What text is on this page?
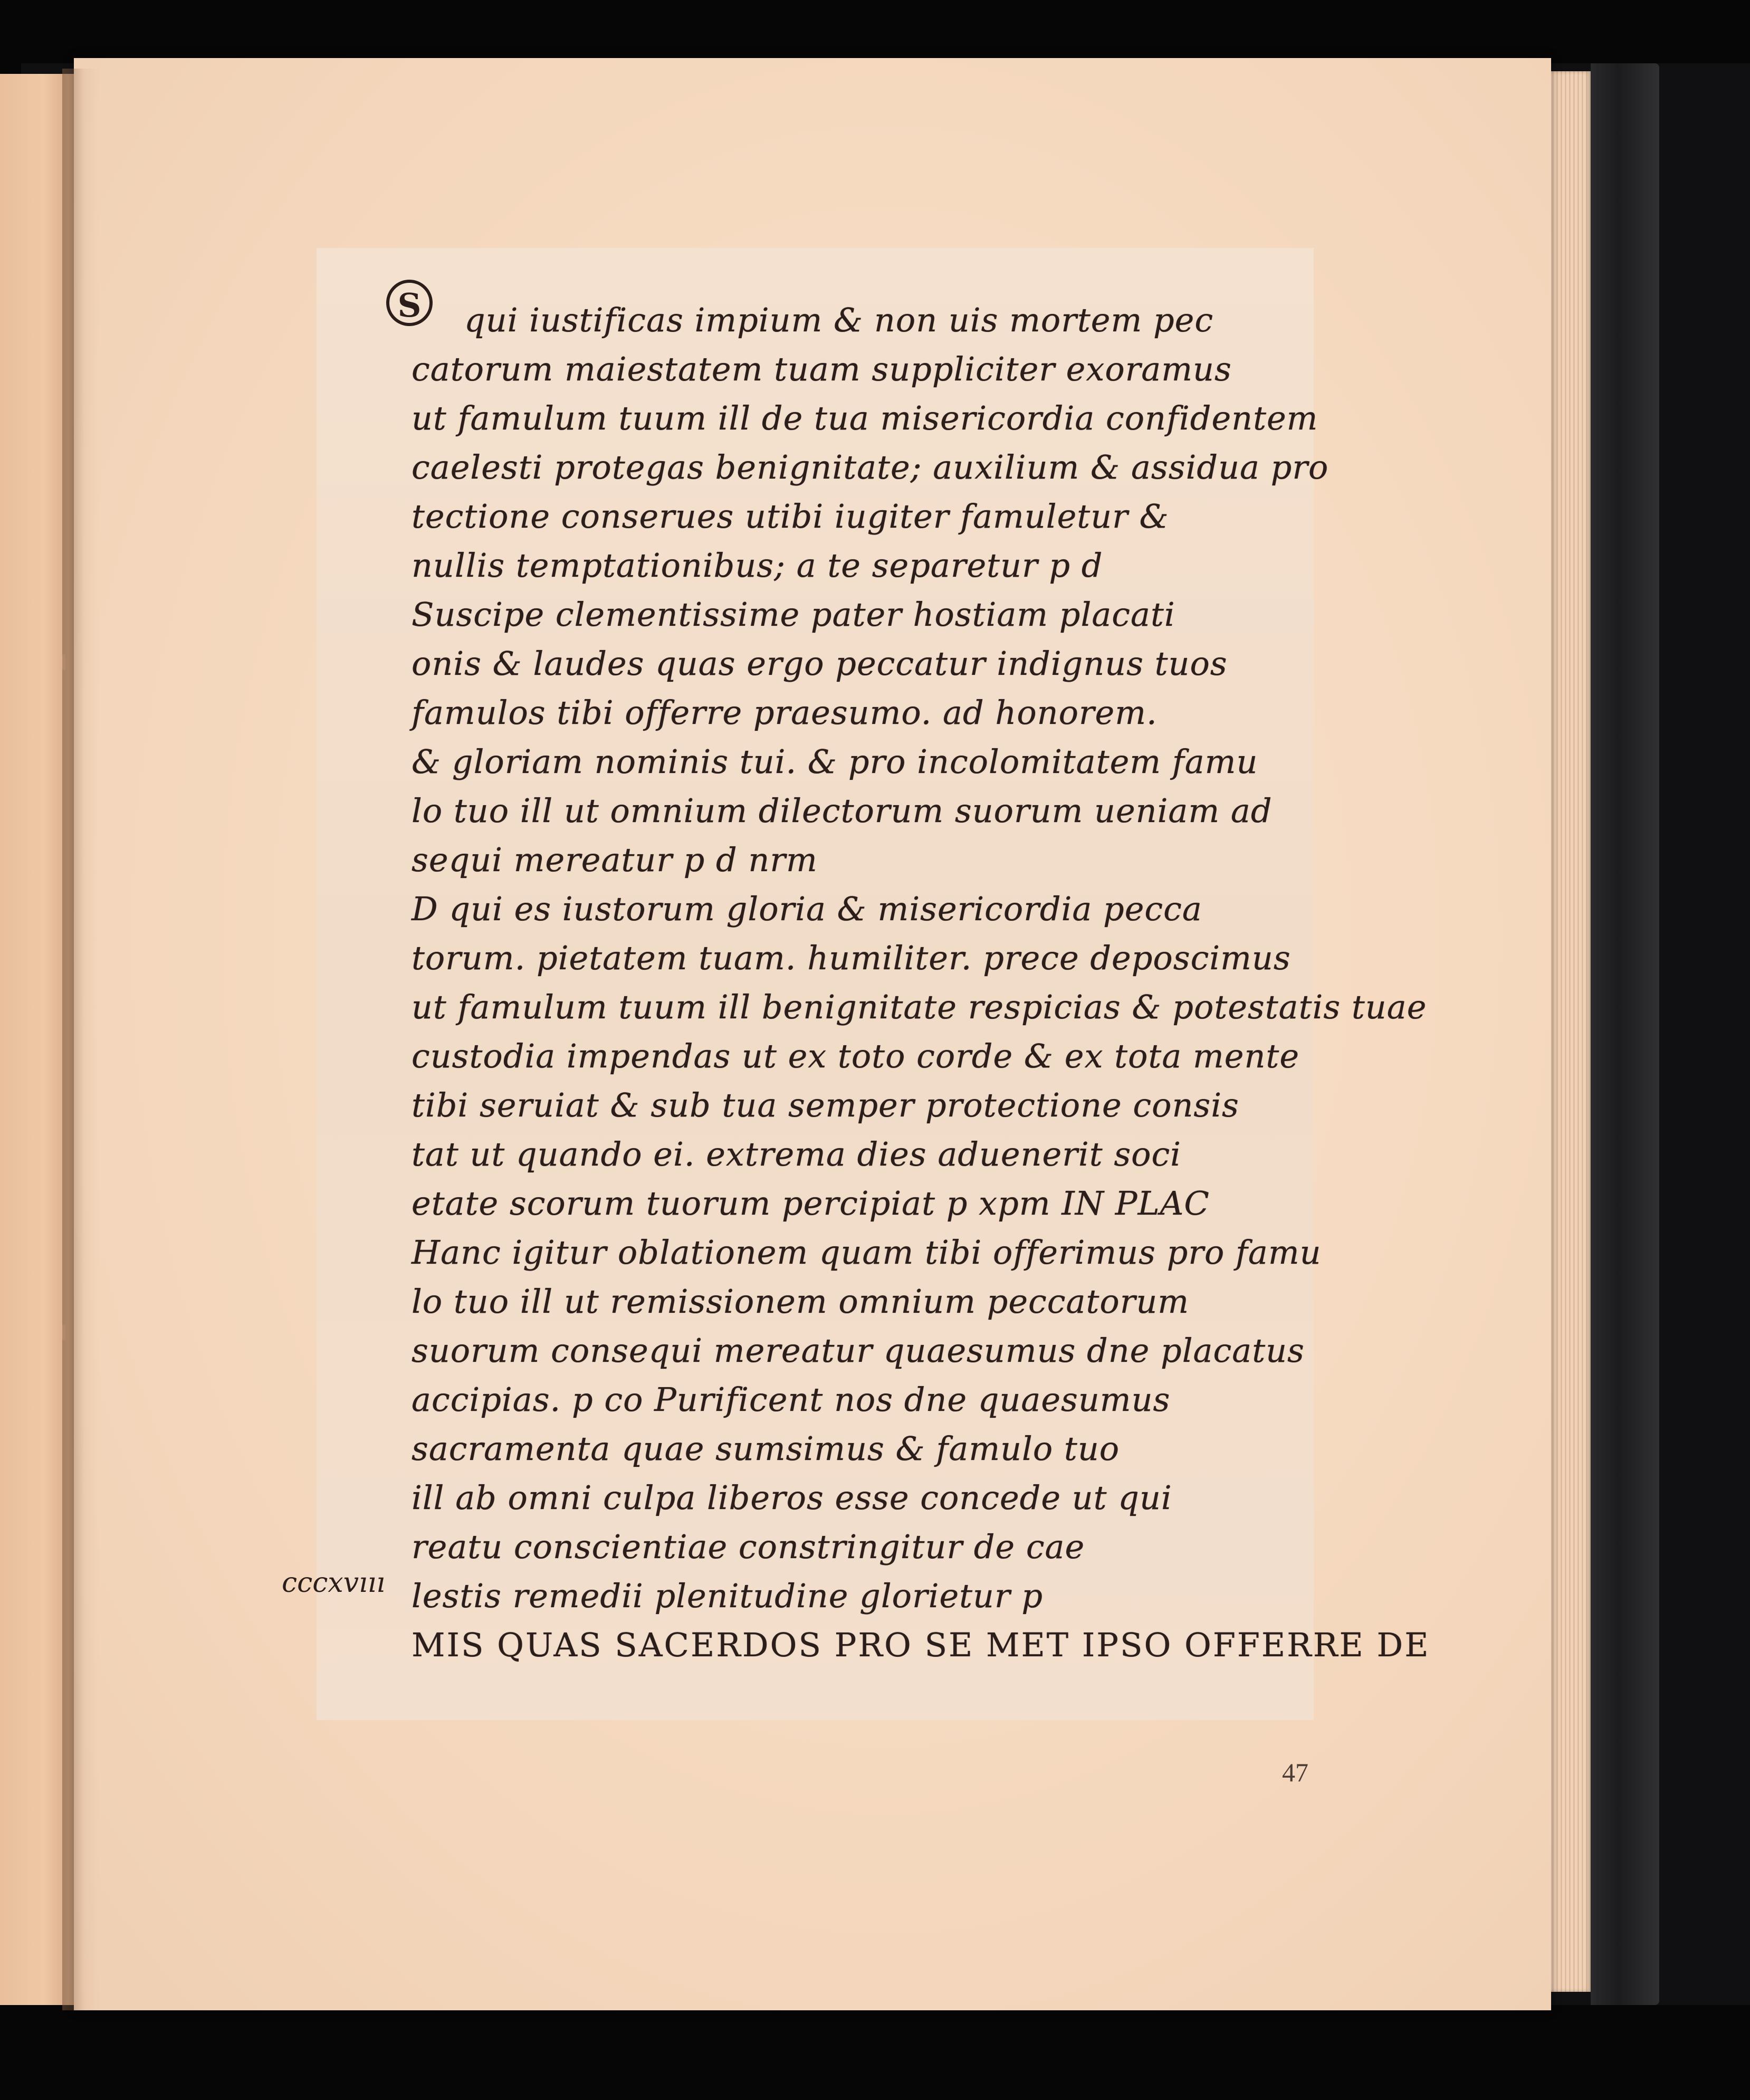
S	qui iustificas impium & non uis mortem pec
catorum maiestatem tuam suppliciter exoramus
ut famulum tuum ill de tua misericordia confidentem
caelesti protegas benignitate; auxilium & assidua pro
tectione conserues utibi iugiter famuletur &
nullis temptationibus; a te separetur p d
Suscipe clementissime pater hostiam placati
onis & laudes quas ergo peccatur indignus tuos
famulos tibi offerre praesumo. ad honorem.
& gloriam nominis tui. & pro incolomitatem famu
lo tuo ill ut omnium dilectorum suorum ueniam ad
sequi mereatur p d nrm
D qui es iustorum gloria & misericordia pecca
torum. pietatem tuam. humiliter. prece deposcimus
ut famulum tuum ill benignitate respicias & potestatis tuae
custodia impendas ut ex toto corde & ex tota mente
tibi seruiat & sub tua semper protectione consis
tat ut quando ei. extrema dies aduenerit soci
etate scorum tuorum percipiat p xpm IN PLAC
Hanc igitur oblationem quam tibi offerimus pro famu
lo tuo ill ut remissionem omnium peccatorum
suorum consequi mereatur quaesumus dne placatus
accipias. p co Purificent nos dne quaesumus
sacramenta quae sumsimus & famulo tuo
ill ab omni culpa liberos esse concede ut qui
reatu conscientiae constringitur de cae
lestis remedii plenitudine glorietur p
MIS QUAS SACERDOS PRO SE MET IPSO OFFERRE DE
cccxvııı
47
